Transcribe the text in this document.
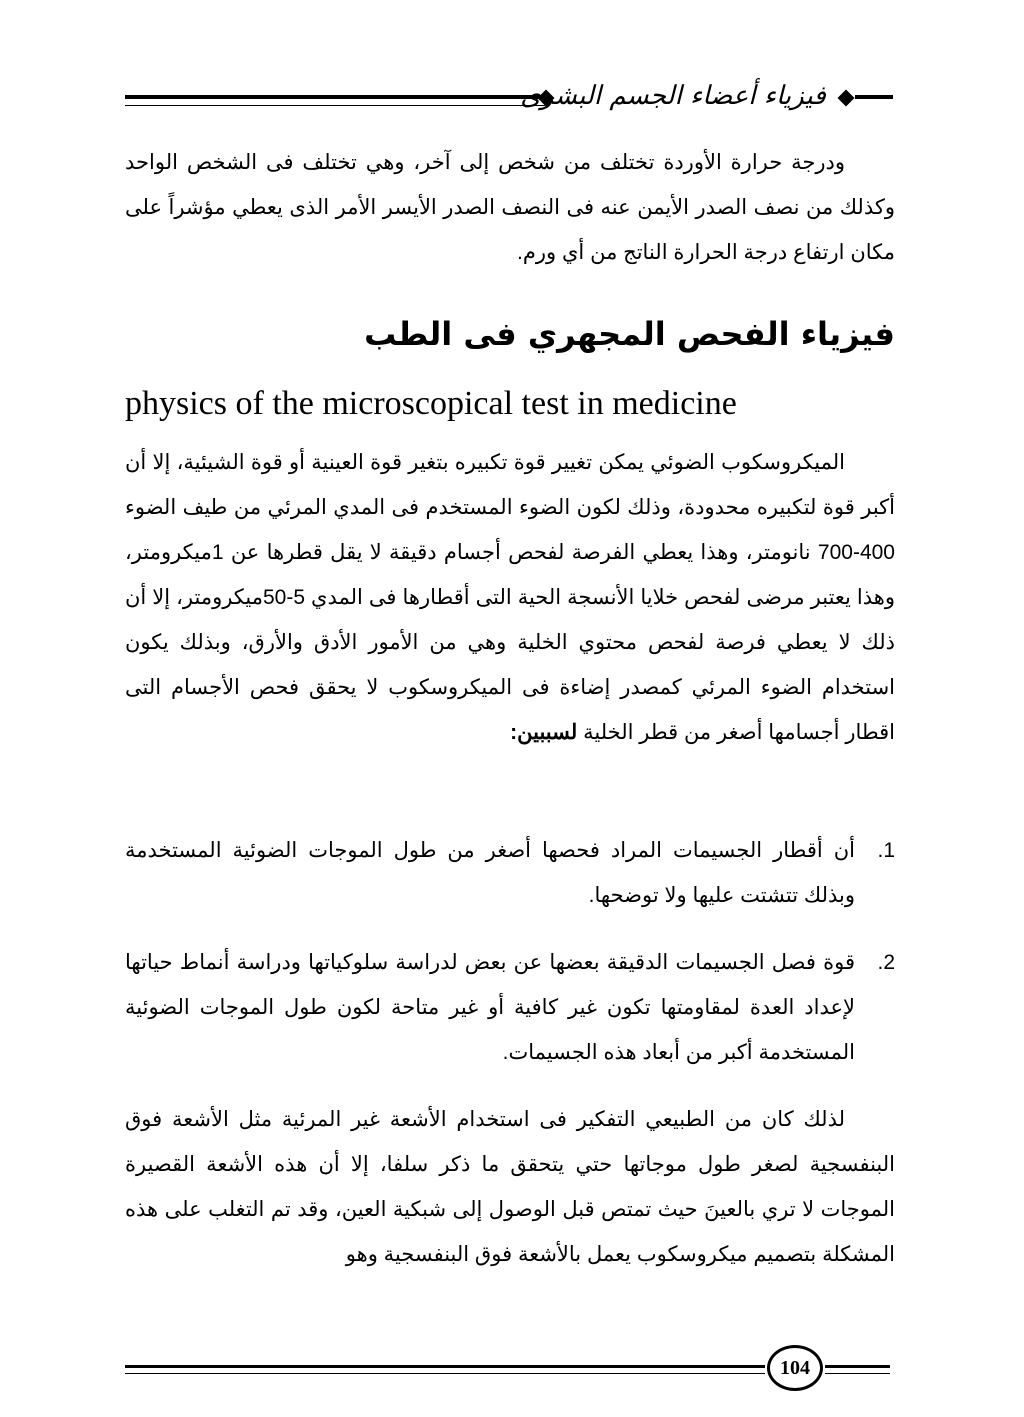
فيزياء أعضاء الجسم البشرى
ودرجة حرارة الأوردة تختلف من شخص إلى آخر، وهي تختلف فى الشخص الواحد وكذلك من نصف الصدر الأيمن عنه فى النصف الصدر الأيسر الأمر الذى يعطي مؤشراً على مكان ارتفاع درجة الحرارة الناتج من أي ورم.
فيزياء الفحص المجهري فى الطب
physics of the microscopical test in medicine
الميكروسكوب الضوئي يمكن تغيير قوة تكبيره بتغير قوة العينية أو قوة الشيئية، إلا أن أكبر قوة لتكبيره محدودة، وذلك لكون الضوء المستخدم فى المدي المرئي من طيف الضوء 400-700 نانومتر، وهذا يعطي الفرصة لفحص أجسام دقيقة لا يقل قطرها عن 1ميكرومتر، وهذا يعتبر مرضى لفحص خلايا الأنسجة الحية التى أقطارها فى المدي 5-50ميكرومتر، إلا أن ذلك لا يعطي فرصة لفحص محتوي الخلية وهي من الأمور الأدق والأرق، وبذلك يكون استخدام الضوء المرئي كمصدر إضاءة فى الميكروسكوب لا يحقق فحص الأجسام التى اقطار أجسامها أصغر من قطر الخلية لسببين:
1.
أن أقطار الجسيمات المراد فحصها أصغر من طول الموجات الضوئية المستخدمة وبذلك تتشتت عليها ولا توضحها.
2.
قوة فصل الجسيمات الدقيقة بعضها عن بعض لدراسة سلوكياتها ودراسة أنماط حياتها لإعداد العدة لمقاومتها تكون غير كافية أو غير متاحة لكون طول الموجات الضوئية المستخدمة أكبر من أبعاد هذه الجسيمات.
لذلك كان من الطبيعي التفكير فى استخدام الأشعة غير المرئية مثل الأشعة فوق البنفسجية لصغر طول موجاتها حتي يتحقق ما ذكر سلفا، إلا أن هذه الأشعة القصيرة الموجات لا تري بالعينَ حيث تمتص قبل الوصول إلى شبكية العين، وقد تم التغلب على هذه المشكلة بتصميم ميكروسكوب يعمل بالأشعة فوق البنفسجية وهو
104
